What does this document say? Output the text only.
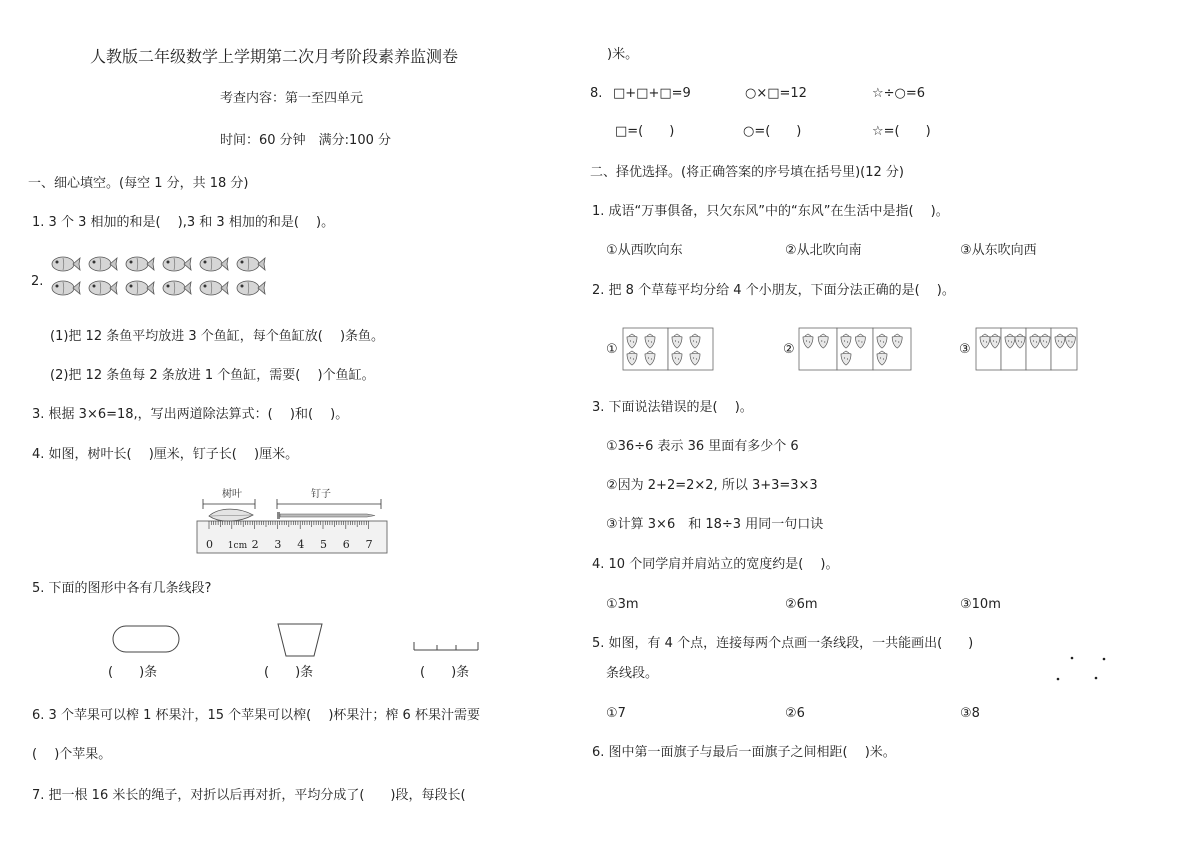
人教版二年级数学上学期第二次月考阶段素养监测卷
考查内容：第一至四单元
时间：60 分钟　满分:100 分
一、细心填空。(每空 1 分，共 18 分)
1. 3 个 3 相加的和是(　 ),3 和 3 相加的和是(　 )。
2.
(1)把 12 条鱼平均放进 3 个鱼缸，每个鱼缸放(　 )条鱼。
(2)把 12 条鱼每 2 条放进 1 个鱼缸，需要(　 )个鱼缸。
3. 根据 3×6=18,，写出两道除法算式：(　 )和(　 )。
4. 如图，树叶长(　 )厘米，钉子长(　 )厘米。
树叶	钉子
0 1cm 2 3 4 5 6 7
5. 下面的图形中各有几条线段?
(　　)条	(　　)条	(　　)条
6. 3 个苹果可以榨 1 杯果汁，15 个苹果可以榨(　 )杯果汁；榨 6 杯果汁需要
(　 )个苹果。
7. 把一根 16 米长的绳子，对折以后再对折，平均分成了(　　)段，每段长(
)米。
8. □+□+□=9	○×□=12	☆÷○=6
□=(　　)	○=(　　)	☆=(　　)
二、择优选择。(将正确答案的序号填在括号里)(12 分)
1. 成语“万事俱备，只欠东风”中的“东风”在生活中是指(　 )。
①从西吹向东	②从北吹向南	③从东吹向西
2. 把 8 个草莓平均分给 4 个小朋友，下面分法正确的是(　 )。
①	②	③
3. 下面说法错误的是(　 )。
①36÷6 表示 36 里面有多少个 6
②因为 2+2=2×2, 所以 3+3=3×3
③计算 3×6　和 18÷3 用同一句口诀
4. 10 个同学肩并肩站立的宽度约是(　 )。
①3m	②6m	③10m
5. 如图，有 4 个点，连接每两个点画一条线段，一共能画出(　　)
条线段。
①7	②6	③8
6. 图中第一面旗子与最后一面旗子之间相距(　 )米。
